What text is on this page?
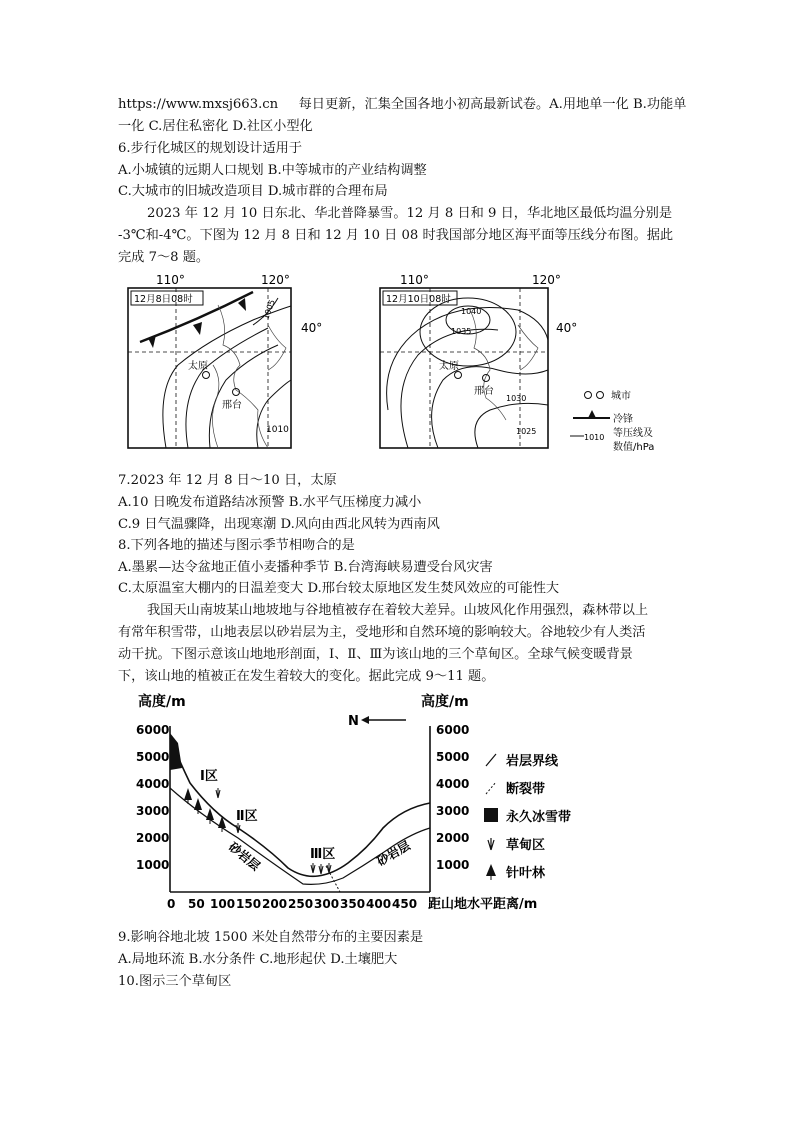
https://www.mxsj663.cn 每日更新，汇集全国各地小初高最新试卷。A.用地单一化 B.功能单
一化 C.居住私密化 D.社区小型化
6.步行化城区的规划设计适用于
A.小城镇的远期人口规划 B.中等城市的产业结构调整
C.大城市的旧城改造项目 D.城市群的合理布局
2023 年 12 月 10 日东北、华北普降暴雪。12 月 8 日和 9 日，华北地区最低均温分别是
-3℃和-4℃。下图为 12 月 8 日和 12 月 10 日 08 时我国部分地区海平面等压线分布图。据此
完成 7～8 题。
110°	120°
40°
12月8日08时	1005
1010
太原
邢台
110°	120°
40°
12月10日08时
1040
1035
1030
1025
太原
邢台	城市
冷锋
1010 等压线及
数值/hPa
7.2023 年 12 月 8 日～10 日，太原
A.10 日晚发布道路结冰预警 B.水平气压梯度力减小
C.9 日气温骤降，出现寒潮 D.风向由西北风转为西南风
8.下列各地的描述与图示季节相吻合的是
A.墨累—达令盆地正值小麦播种季节 B.台湾海峡易遭受台风灾害
C.太原温室大棚内的日温差变大 D.邢台较太原地区发生焚风效应的可能性大
我国天山南坡某山地坡地与谷地植被存在着较大差异。山坡风化作用强烈，森林带以上
有常年积雪带，山地表层以砂岩层为主，受地形和自然环境的影响较大。谷地较少有人类活
动干扰。下图示意该山地地形剖面，Ⅰ、Ⅱ、Ⅲ为该山地的三个草甸区。全球气候变暖背景
下，该山地的植被正在发生着较大的变化。据此完成 9～11 题。
高度/m	高度/m
N
6000
5000
4000
3000
2000
1000
6000
5000
4000
3000
2000
1000
0 50 100 150 200 250 300 350 400 450 距山地水平距离/m
砂岩层	砂岩层
Ⅰ区
Ⅱ区
Ⅲ区
岩层界线
断裂带
永久冰雪带
草甸区
针叶林
9.影响谷地北坡 1500 米处自然带分布的主要因素是
A.局地环流 B.水分条件 C.地形起伏 D.土壤肥大
10.图示三个草甸区
